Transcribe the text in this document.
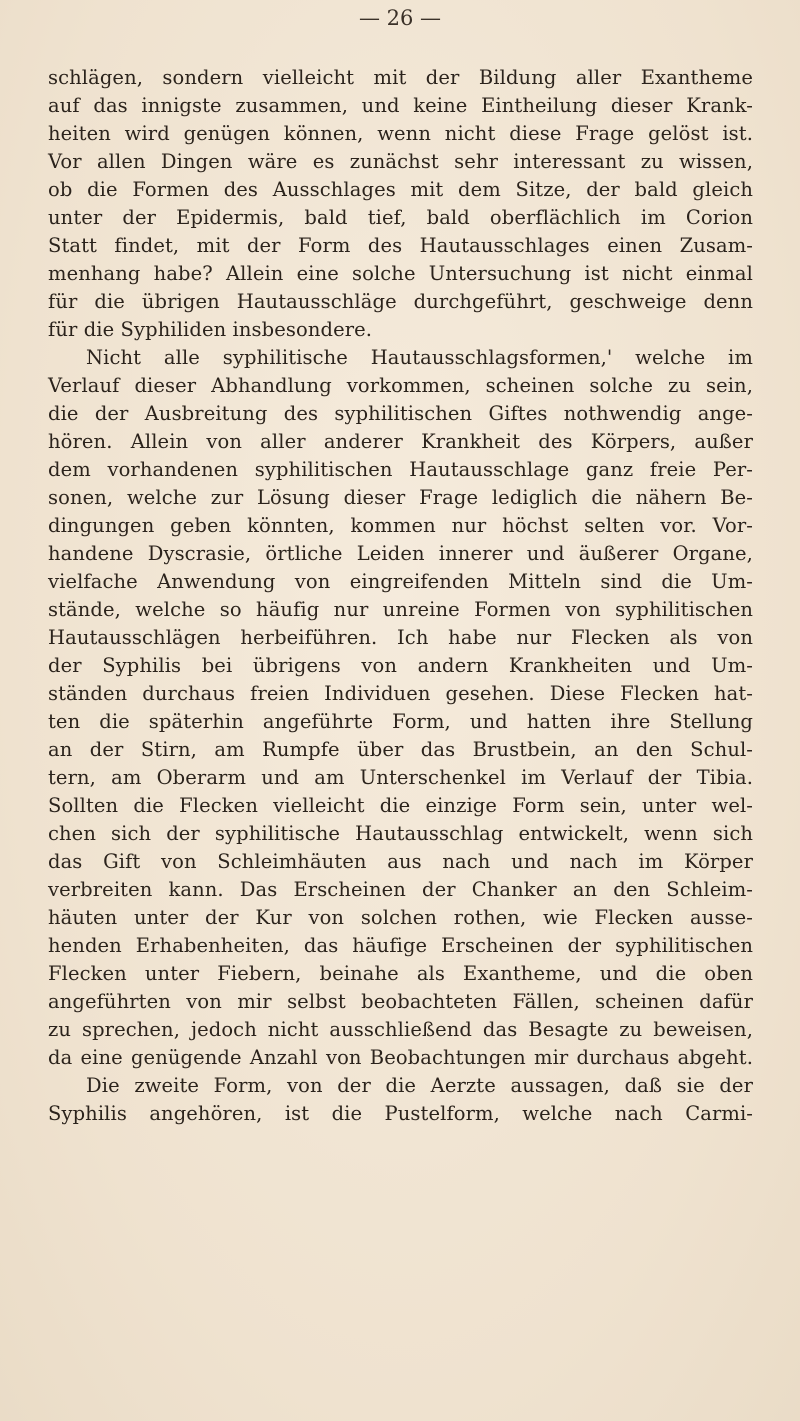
— 26 —
schlägen, sondern vielleicht mit der Bildung aller Exantheme
auf das innigste zusammen, und keine Eintheilung dieser Krank-
heiten wird genügen können, wenn nicht diese Frage gelöst ist.
Vor allen Dingen wäre es zunächst sehr interessant zu wissen,
ob die Formen des Ausschlages mit dem Sitze, der bald gleich
unter der Epidermis, bald tief, bald oberflächlich im Corion
Statt findet, mit der Form des Hautausschlages einen Zusam-
menhang habe? Allein eine solche Untersuchung ist nicht einmal
für die übrigen Hautausschläge durchgeführt, geschweige denn
für die Syphiliden insbesondere.
Nicht alle syphilitische Hautausschlagsformen,' welche im
Verlauf dieser Abhandlung vorkommen, scheinen solche zu sein,
die der Ausbreitung des syphilitischen Giftes nothwendig ange-
hören. Allein von aller anderer Krankheit des Körpers, außer
dem vorhandenen syphilitischen Hautausschlage ganz freie Per-
sonen, welche zur Lösung dieser Frage lediglich die nähern Be-
dingungen geben könnten, kommen nur höchst selten vor. Vor-
handene Dyscrasie, örtliche Leiden innerer und äußerer Organe,
vielfache Anwendung von eingreifenden Mitteln sind die Um-
stände, welche so häufig nur unreine Formen von syphilitischen
Hautausschlägen herbeiführen. Ich habe nur Flecken als von
der Syphilis bei übrigens von andern Krankheiten und Um-
ständen durchaus freien Individuen gesehen. Diese Flecken hat-
ten die späterhin angeführte Form, und hatten ihre Stellung
an der Stirn, am Rumpfe über das Brustbein, an den Schul-
tern, am Oberarm und am Unterschenkel im Verlauf der Tibia.
Sollten die Flecken vielleicht die einzige Form sein, unter wel-
chen sich der syphilitische Hautausschlag entwickelt, wenn sich
das Gift von Schleimhäuten aus nach und nach im Körper
verbreiten kann. Das Erscheinen der Chanker an den Schleim-
häuten unter der Kur von solchen rothen, wie Flecken ausse-
henden Erhabenheiten, das häufige Erscheinen der syphilitischen
Flecken unter Fiebern, beinahe als Exantheme, und die oben
angeführten von mir selbst beobachteten Fällen, scheinen dafür
zu sprechen, jedoch nicht ausschließend das Besagte zu beweisen,
da eine genügende Anzahl von Beobachtungen mir durchaus abgeht.
Die zweite Form, von der die Aerzte aussagen, daß sie der
Syphilis angehören, ist die Pustelform, welche nach Carmi-
